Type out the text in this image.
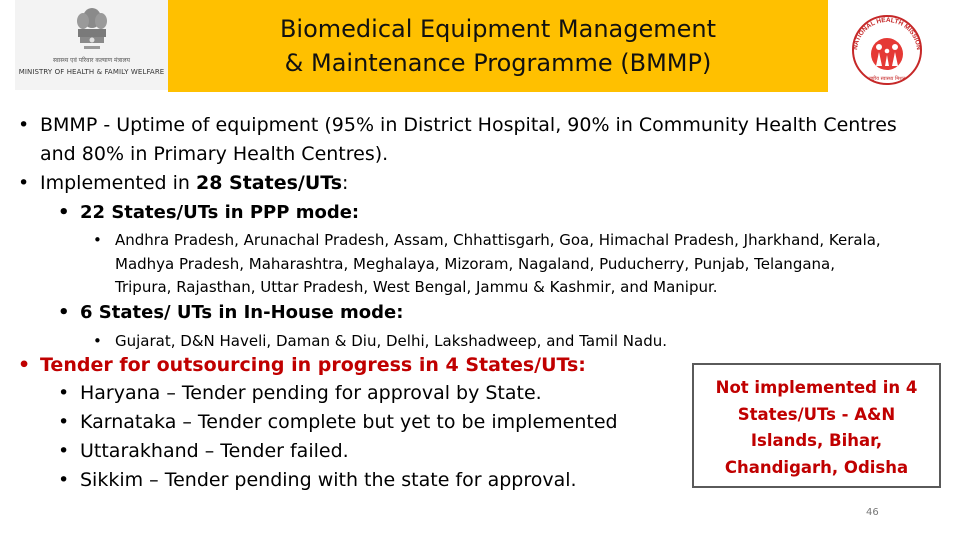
स्वास्थ्य एवं परिवार कल्याण मंत्रालय
MINISTRY OF HEALTH & FAMILY WELFARE
Biomedical Equipment Management
& Maintenance Programme (BMMP)
NATIONAL HEALTH MISSION
राष्ट्रीय स्वास्थ्य मिशन
• BMMP - Uptime of equipment (95% in District Hospital, 90% in Community Health Centres
and 80% in Primary Health Centres).
• Implemented in 28 States/UTs:
• 22 States/UTs in PPP mode:
• Andhra Pradesh, Arunachal Pradesh, Assam, Chhattisgarh, Goa, Himachal Pradesh, Jharkhand, Kerala,
Madhya Pradesh, Maharashtra, Meghalaya, Mizoram, Nagaland, Puducherry, Punjab, Telangana,
Tripura, Rajasthan, Uttar Pradesh, West Bengal, Jammu & Kashmir, and Manipur.
• 6 States/ UTs in In-House mode:
• Gujarat, D&N Haveli, Daman & Diu, Delhi, Lakshadweep, and Tamil Nadu.
• Tender for outsourcing in progress in 4 States/UTs:
• Haryana – Tender pending for approval by State.
• Karnataka – Tender complete but yet to be implemented
• Uttarakhand – Tender failed.
• Sikkim – Tender pending with the state for approval.
Not implemented in 4
States/UTs - A&N
Islands, Bihar,
Chandigarh, Odisha
46
